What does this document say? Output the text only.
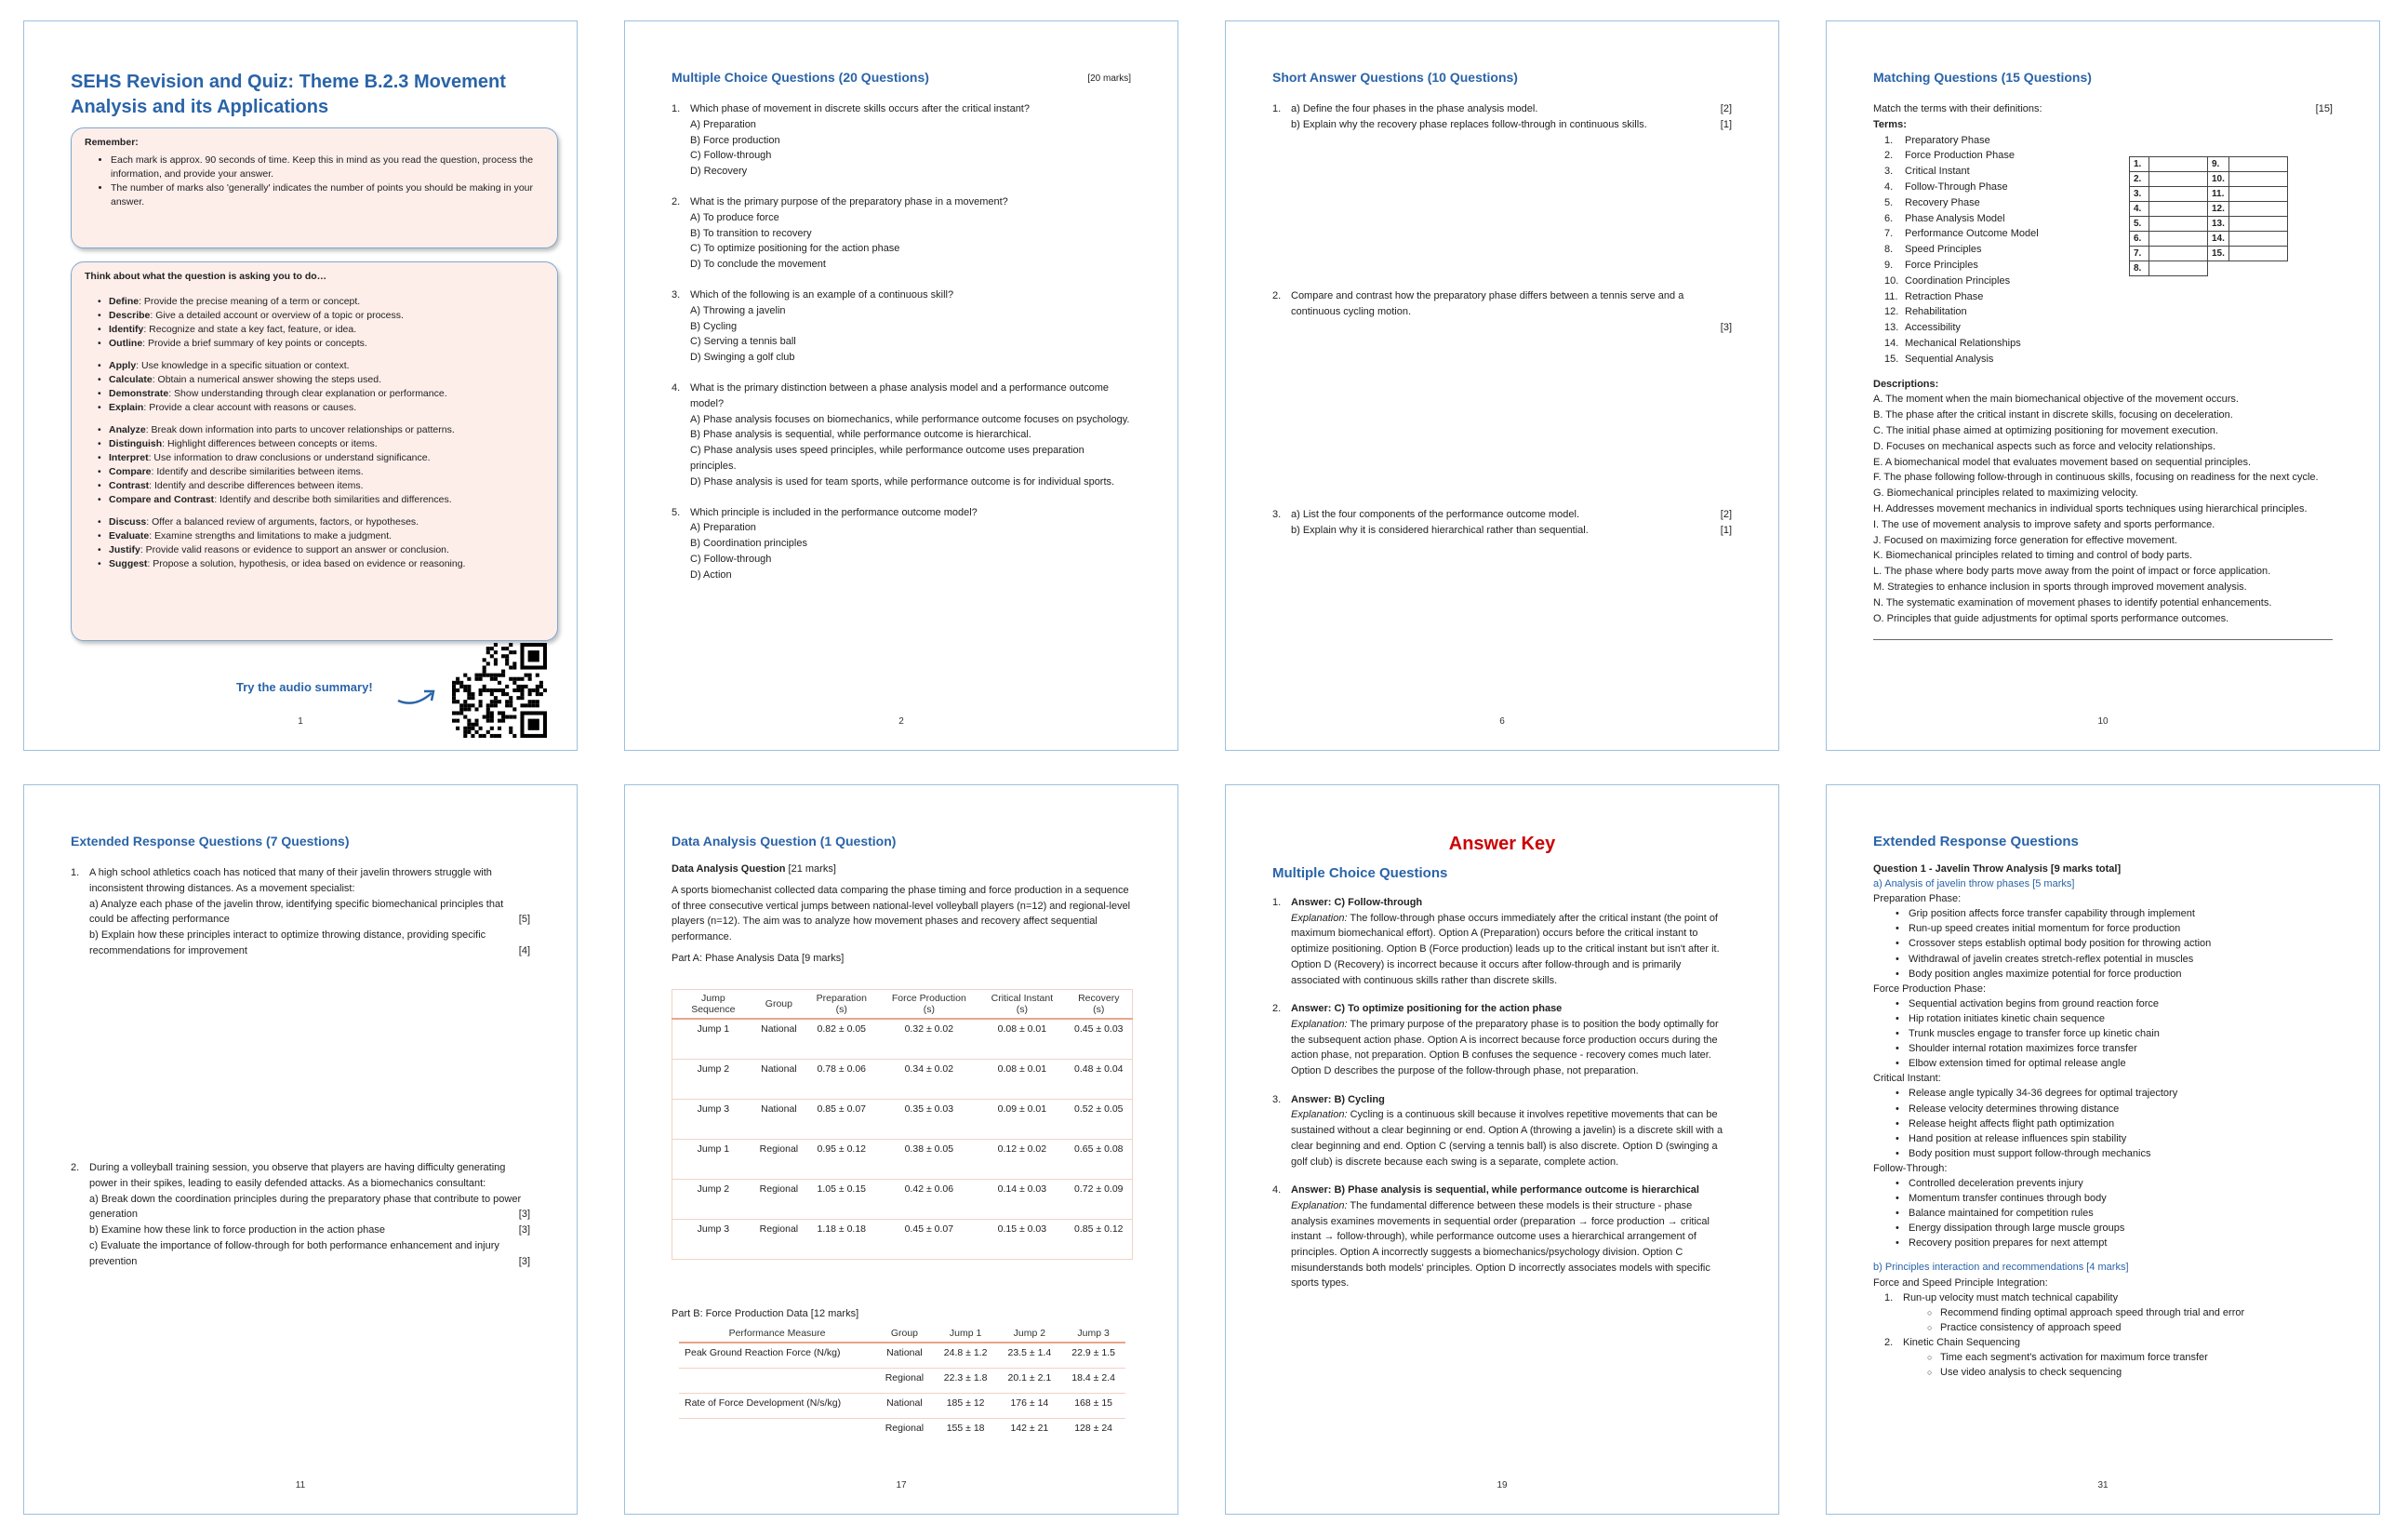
SEHS Revision and Quiz: Theme B.2.3 Movement Analysis and its Applications
Remember:
• Each mark is approx. 90 seconds of time. Keep this in mind as you read the question, process the information, and provide your answer.
• The number of marks also 'generally' indicates the number of points you should be making in your answer.
Think about what the question is asking you to do…
• Define: Provide the precise meaning of a term or concept.
• Describe: Give a detailed account or overview of a topic or process.
• Identify: Recognize and state a key fact, feature, or idea.
• Outline: Provide a brief summary of key points or concepts.
• Apply: Use knowledge in a specific situation or context.
• Calculate: Obtain a numerical answer showing the steps used.
• Demonstrate: Show understanding through clear explanation or performance.
• Explain: Provide a clear account with reasons or causes.
• Analyze: Break down information into parts to uncover relationships or patterns.
• Distinguish: Highlight differences between concepts or items.
• Interpret: Use information to draw conclusions or understand significance.
• Compare: Identify and describe similarities between items.
• Contrast: Identify and describe differences between items.
• Compare and Contrast: Identify and describe both similarities and differences.
• Discuss: Offer a balanced review of arguments, factors, or hypotheses.
• Evaluate: Examine strengths and limitations to make a judgment.
• Justify: Provide valid reasons or evidence to support an answer or conclusion.
• Suggest: Propose a solution, hypothesis, or idea based on evidence or reasoning.
Try the audio summary!
1
Multiple Choice Questions (20 Questions)	[20 marks]
1. Which phase of movement in discrete skills occurs after the critical instant?
A) Preparation
B) Force production
C) Follow-through
D) Recovery
2. What is the primary purpose of the preparatory phase in a movement?
A) To produce force
B) To transition to recovery
C) To optimize positioning for the action phase
D) To conclude the movement
3. Which of the following is an example of a continuous skill?
A) Throwing a javelin
B) Cycling
C) Serving a tennis ball
D) Swinging a golf club
4. What is the primary distinction between a phase analysis model and a performance outcome model?
A) Phase analysis focuses on biomechanics, while performance outcome focuses on psychology.
B) Phase analysis is sequential, while performance outcome is hierarchical.
C) Phase analysis uses speed principles, while performance outcome uses preparation principles.
D) Phase analysis is used for team sports, while performance outcome is for individual sports.
5. Which principle is included in the performance outcome model?
A) Preparation
B) Coordination principles
C) Follow-through
D) Action
2
Short Answer Questions (10 Questions)
1. a) Define the four phases in the phase analysis model.	[2]
b) Explain why the recovery phase replaces follow-through in continuous skills.	[1]
2. Compare and contrast how the preparatory phase differs between a tennis serve and a continuous cycling motion.
[3]
3. a) List the four components of the performance outcome model.	[2]
b) Explain why it is considered hierarchical rather than sequential.	[1]
6
Matching Questions (15 Questions)
Match the terms with their definitions:	[15]
Terms:
1.	Preparatory Phase
2.	Force Production Phase
3.	Critical Instant
4.	Follow-Through Phase
5.	Recovery Phase
6.	Phase Analysis Model
7.	Performance Outcome Model
8.	Speed Principles
9.	Force Principles
10. Coordination Principles
11. Retraction Phase
12. Rehabilitation
13. Accessibility
14. Mechanical Relationships
15. Sequential Analysis
Descriptions:
A. The moment when the main biomechanical objective of the movement occurs.
B. The phase after the critical instant in discrete skills, focusing on deceleration.
C. The initial phase aimed at optimizing positioning for movement execution.
D. Focuses on mechanical aspects such as force and velocity relationships.
E. A biomechanical model that evaluates movement based on sequential principles.
F. The phase following follow-through in continuous skills, focusing on readiness for the next cycle.
G. Biomechanical principles related to maximizing velocity.
H. Addresses movement mechanics in individual sports techniques using hierarchical principles.
I. The use of movement analysis to improve safety and sports performance.
J. Focused on maximizing force generation for effective movement.
K. Biomechanical principles related to timing and control of body parts.
L. The phase where body parts move away from the point of impact or force application.
M. Strategies to enhance inclusion in sports through improved movement analysis.
N. The systematic examination of movement phases to identify potential enhancements.
O. Principles that guide adjustments for optimal sports performance outcomes.
1.		9.	
2.		10.	
3.		11.	
4.		12.	
5.		13.	
6.		14.	
7.		15.	
8.			
10
Extended Response Questions (7 Questions)
1. A high school athletics coach has noticed that many of their javelin throwers struggle with inconsistent throwing distances. As a movement specialist:
a) Analyze each phase of the javelin throw, identifying specific biomechanical principles that could be affecting performance	[5]
b) Explain how these principles interact to optimize throwing distance, providing specific recommendations for improvement	[4]
2. During a volleyball training session, you observe that players are having difficulty generating power in their spikes, leading to easily defended attacks. As a biomechanics consultant:
a) Break down the coordination principles during the preparatory phase that contribute to power generation	[3]
b) Examine how these link to force production in the action phase	[3]
c) Evaluate the importance of follow-through for both performance enhancement and injury prevention	[3]
11
Data Analysis Question (1 Question)
Data Analysis Question [21 marks]
A sports biomechanist collected data comparing the phase timing and force production in a sequence of three consecutive vertical jumps between national-level volleyball players (n=12) and regional-level players (n=12). The aim was to analyze how movement phases and recovery affect sequential performance.
Part A: Phase Analysis Data [9 marks]
Jump Sequence	Group	Preparation (s)	Force Production (s)	Critical Instant (s)	Recovery (s)
Jump 1	National	0.82 ± 0.05	0.32 ± 0.02	0.08 ± 0.01	0.45 ± 0.03
Jump 2	National	0.78 ± 0.06	0.34 ± 0.02	0.08 ± 0.01	0.48 ± 0.04
Jump 3	National	0.85 ± 0.07	0.35 ± 0.03	0.09 ± 0.01	0.52 ± 0.05
Jump 1	Regional	0.95 ± 0.12	0.38 ± 0.05	0.12 ± 0.02	0.65 ± 0.08
Jump 2	Regional	1.05 ± 0.15	0.42 ± 0.06	0.14 ± 0.03	0.72 ± 0.09
Jump 3	Regional	1.18 ± 0.18	0.45 ± 0.07	0.15 ± 0.03	0.85 ± 0.12
Part B: Force Production Data [12 marks]
Performance Measure	Group	Jump 1	Jump 2	Jump 3
Peak Ground Reaction Force (N/kg)	National	24.8 ± 1.2	23.5 ± 1.4	22.9 ± 1.5
	Regional	22.3 ± 1.8	20.1 ± 2.1	18.4 ± 2.4
Rate of Force Development (N/s/kg)	National	185 ± 12	176 ± 14	168 ± 15
	Regional	155 ± 18	142 ± 21	128 ± 24
17
Answer Key
Multiple Choice Questions
1. Answer: C) Follow-through
Explanation: The follow-through phase occurs immediately after the critical instant (the point of maximum biomechanical effort). Option A (Preparation) occurs before the critical instant to optimize positioning. Option B (Force production) leads up to the critical instant but isn't after it. Option D (Recovery) is incorrect because it occurs after follow-through and is primarily associated with continuous skills rather than discrete skills.
2. Answer: C) To optimize positioning for the action phase
Explanation: The primary purpose of the preparatory phase is to position the body optimally for the subsequent action phase. Option A is incorrect because force production occurs during the action phase, not preparation. Option B confuses the sequence - recovery comes much later. Option D describes the purpose of the follow-through phase, not preparation.
3. Answer: B) Cycling
Explanation: Cycling is a continuous skill because it involves repetitive movements that can be sustained without a clear beginning or end. Option A (throwing a javelin) is a discrete skill with a clear beginning and end. Option C (serving a tennis ball) is also discrete. Option D (swinging a golf club) is discrete because each swing is a separate, complete action.
4. Answer: B) Phase analysis is sequential, while performance outcome is hierarchical
Explanation: The fundamental difference between these models is their structure - phase analysis examines movements in sequential order (preparation → force production → critical instant → follow-through), while performance outcome uses a hierarchical arrangement of principles. Option A incorrectly suggests a biomechanics/psychology division. Option C misunderstands both models' principles. Option D incorrectly associates models with specific sports types.
19
Extended Response Questions
Question 1 - Javelin Throw Analysis [9 marks total]
a) Analysis of javelin throw phases [5 marks]
Preparation Phase:
• Grip position affects force transfer capability through implement
• Run-up speed creates initial momentum for force production
• Crossover steps establish optimal body position for throwing action
• Withdrawal of javelin creates stretch-reflex potential in muscles
• Body position angles maximize potential for force production
Force Production Phase:
• Sequential activation begins from ground reaction force
• Hip rotation initiates kinetic chain sequence
• Trunk muscles engage to transfer force up kinetic chain
• Shoulder internal rotation maximizes force transfer
• Elbow extension timed for optimal release angle
Critical Instant:
• Release angle typically 34-36 degrees for optimal trajectory
• Release velocity determines throwing distance
• Release height affects flight path optimization
• Hand position at release influences spin stability
• Body position must support follow-through mechanics
Follow-Through:
• Controlled deceleration prevents injury
• Momentum transfer continues through body
• Balance maintained for competition rules
• Energy dissipation through large muscle groups
• Recovery position prepares for next attempt
b) Principles interaction and recommendations [4 marks]
Force and Speed Principle Integration:
1. Run-up velocity must match technical capability
○ Recommend finding optimal approach speed through trial and error
○ Practice consistency of approach speed
2. Kinetic Chain Sequencing
○ Time each segment's activation for maximum force transfer
○ Use video analysis to check sequencing
31
